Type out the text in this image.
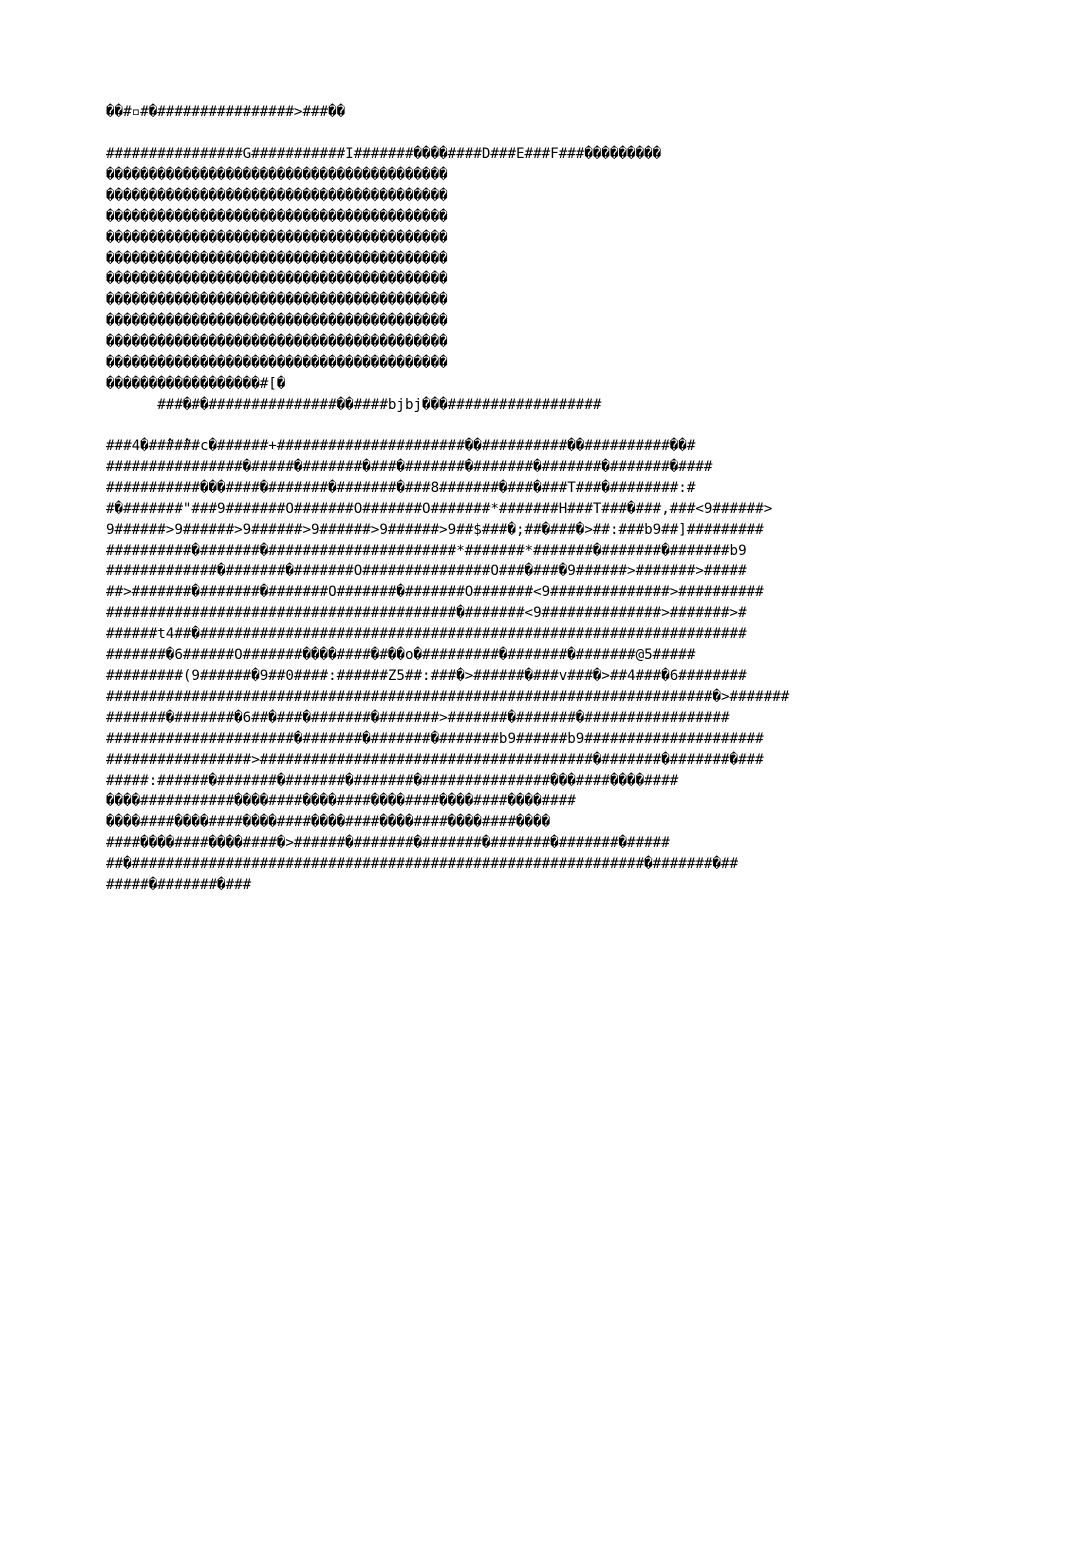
��#▫#�################>###��
################G###########I#######����####D###E###F###���������
����������������������������������������
����������������������������������������
����������������������������������������
����������������������������������������
����������������������������������������
����������������������������������������
����������������������������������������
����������������������������������������
����������������������������������������
����������������������������������������
������������������#[�
###�#�###############��####bjbj���##################
###4�##̂##̂##c�######+######################��##########��##########��#
################�#####�#######�###�#######�#######�#######�#######�####
###########���####�#######�#######�###8#######�###�###T###�########:#
#�#######"###9#######O#######O#######O#######*#######H###T###�###,###<9######>
9######>9######>9######>9######>9######>9##$###�;##�###�>##:###b9##]#########
##########�#######�######################*#######*#######�#######�#######b9
#############�#######�#######O###############O###�###�9######>#######>#####
##>#######�#######�#######O#######�#######O#######<9##############>##########
#########################################�#######<9##############>#######>#
######t4##�################################################################
#######�6######O#######����####�#��o�#########�#######�#######@5#####
#########(9######�9##0####:######Z5##:###�>######�###v###�>##4###�6########
#######################################################################�>#######
#######�#######�6##�###�#######�#######>#######�#######�#################
######################�#######�#######�#######b9######b9#####################
#################>#######################################�#######�#######�###
#####:######�#######�#######�#######�###############���####����####
����###########����####����####����####����####����####
����####����####����####����####����####����####����
####����####����####�>######�#######�#######�#######�#######�#####
##�############################################################�#######�##
#####�#######�###
